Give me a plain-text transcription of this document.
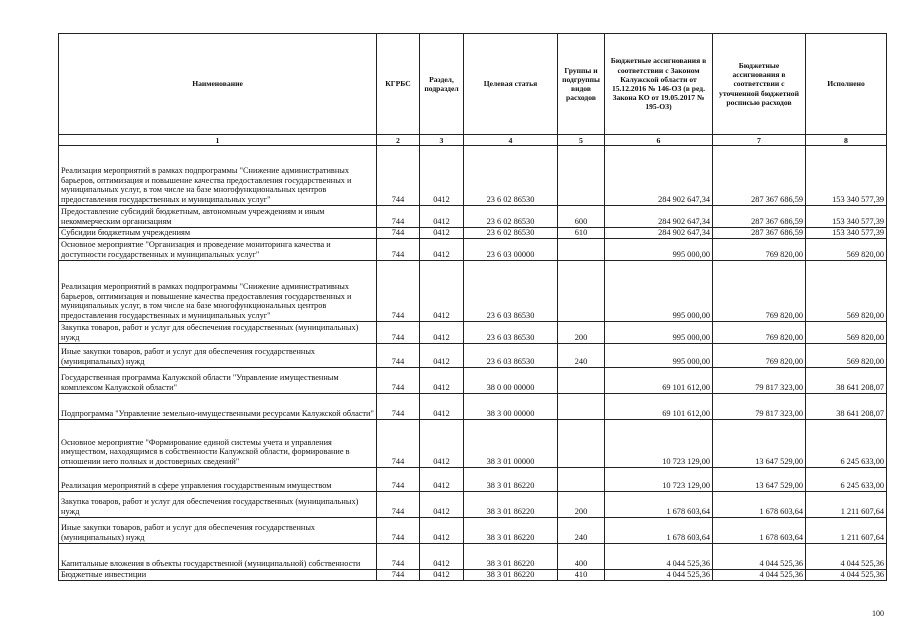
Наименование	КГРБС	Раздел, подраздел	Целевая статья	Группы и подгруппы видов расходов	Бюджетные ассигнования в соответствии с Законом Калужской области от 15.12.2016 № 146-ОЗ (в ред. Закона КО от 19.05.2017 № 195-ОЗ)	Бюджетные ассигнования в соответствии с уточненной бюджетной росписью расходов	Исполнено
1	2	3	4	5	6	7	8
Реализация мероприятий в рамках подпрограммы "Снижение административных барьеров, оптимизация и повышение качества предоставления государственных и муниципальных услуг, в том числе на базе многофункциональных центров предоставления государственных и муниципальных услуг"	744	0412	23 6 02 86530		284 902 647,34	287 367 686,59	153 340 577,39
Предоставление субсидий бюджетным, автономным учреждениям и иным некоммерческим организациям	744	0412	23 6 02 86530	600	284 902 647,34	287 367 686,59	153 340 577,39
Субсидии бюджетным учреждениям	744	0412	23 6 02 86530	610	284 902 647,34	287 367 686,59	153 340 577,39
Основное мероприятие "Организация и проведение мониторинга качества и доступности государственных и муниципальных услуг"	744	0412	23 6 03 00000		995 000,00	769 820,00	569 820,00
Реализация мероприятий в рамках подпрограммы "Снижение административных барьеров, оптимизация и повышение качества предоставления государственных и муниципальных услуг, в том числе на базе многофункциональных центров предоставления государственных и муниципальных услуг"	744	0412	23 6 03 86530		995 000,00	769 820,00	569 820,00
Закупка товаров, работ и услуг для обеспечения государственных (муниципальных) нужд	744	0412	23 6 03 86530	200	995 000,00	769 820,00	569 820,00
Иные закупки товаров, работ и услуг для обеспечения государственных (муниципальных) нужд	744	0412	23 6 03 86530	240	995 000,00	769 820,00	569 820,00
Государственная программа Калужской области "Управление имущественным комплексом Калужской области"	744	0412	38 0 00 00000		69 101 612,00	79 817 323,00	38 641 208,07
Подпрограмма "Управление земельно-имущественными ресурсами Калужской области"	744	0412	38 3 00 00000		69 101 612,00	79 817 323,00	38 641 208,07
Основное мероприятие "Формирование единой системы учета и управления имуществом, находящимся в собственности Калужской области, формирование в отношении него полных и достоверных сведений"	744	0412	38 3 01 00000		10 723 129,00	13 647 529,00	6 245 633,00
Реализация мероприятий в сфере управления государственным имуществом	744	0412	38 3 01 86220		10 723 129,00	13 647 529,00	6 245 633,00
Закупка товаров, работ и услуг для обеспечения государственных (муниципальных) нужд	744	0412	38 3 01 86220	200	1 678 603,64	1 678 603,64	1 211 607,64
Иные закупки товаров, работ и услуг для обеспечения государственных (муниципальных) нужд	744	0412	38 3 01 86220	240	1 678 603,64	1 678 603,64	1 211 607,64
Капитальные вложения в объекты государственной (муниципальной) собственности	744	0412	38 3 01 86220	400	4 044 525,36	4 044 525,36	4 044 525,36
Бюджетные инвестиции	744	0412	38 3 01 86220	410	4 044 525,36	4 044 525,36	4 044 525,36
100
